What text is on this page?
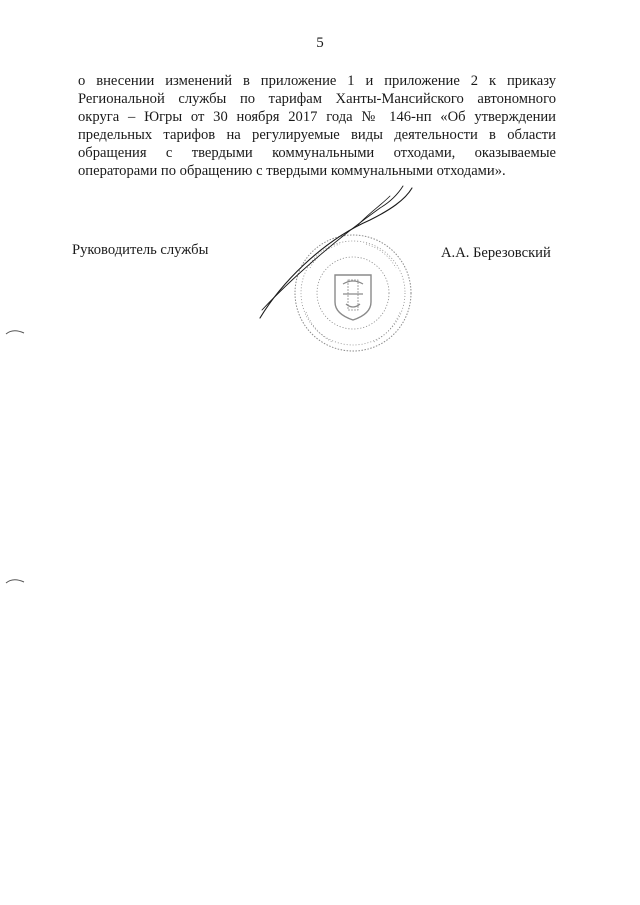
5

о внесении изменений в приложение 1 и приложение 2 к приказу
Региональной службы по тарифам Ханты-Мансийского автономного
округа – Югры от 30 ноября 2017 года № 146-нп «Об утверждении
предельных тарифов на регулируемые виды деятельности в области
обращения с твердыми коммунальными отходами, оказываемые
операторами по обращению с твердыми коммунальными отходами».

Руководитель службы	А.А. Березовский
